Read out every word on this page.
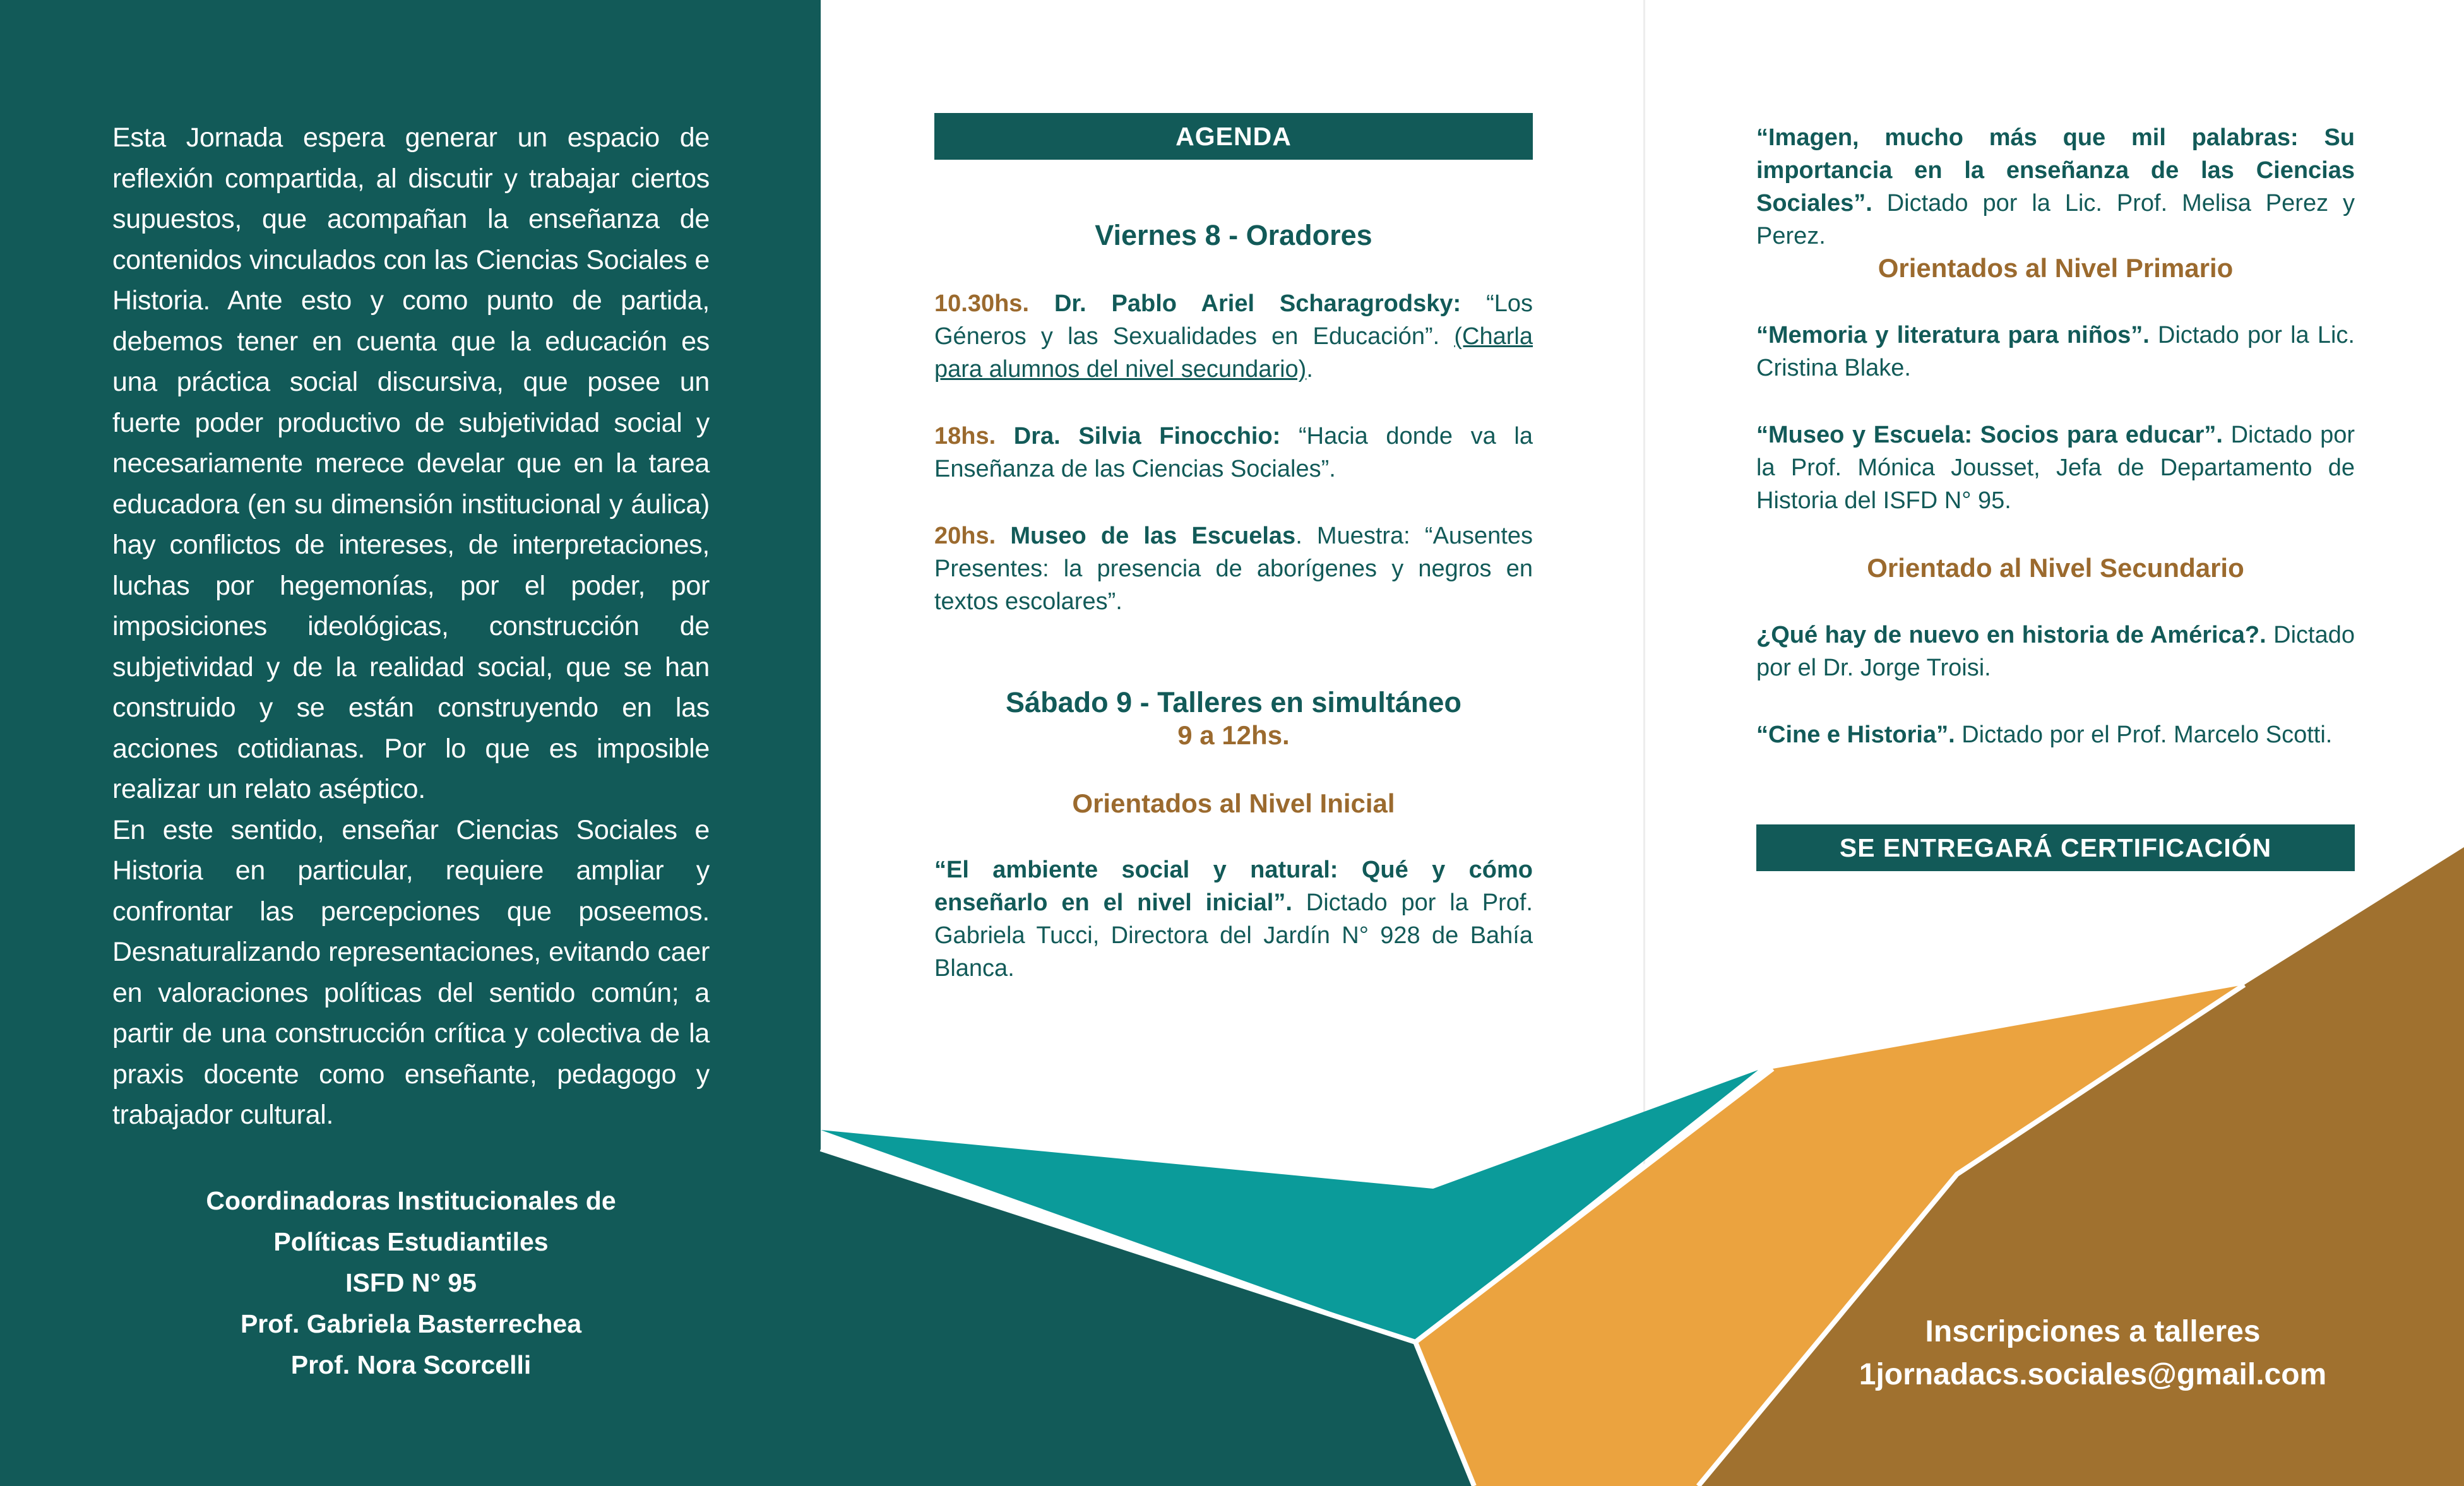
Esta Jornada espera generar un espacio de reflexión compartida, al discutir y trabajar ciertos supuestos, que acompañan la enseñanza de contenidos vinculados con las Ciencias Sociales e Historia. Ante esto y como punto de partida, debemos tener en cuenta que la educación es una práctica social discursiva, que posee un fuerte poder productivo de subjetividad social y necesariamente merece develar que en la tarea educadora (en su dimensión institucional y áulica) hay conflictos de intereses, de interpretaciones, luchas por hegemonías, por el poder, por imposiciones ideológicas, construcción de subjetividad y de la realidad social, que se han construido y se están construyendo en las acciones cotidianas. Por lo que es imposible realizar un relato aséptico.

En este sentido, enseñar Ciencias Sociales e Historia en particular, requiere ampliar y confrontar las percepciones que poseemos. Desnaturalizando representaciones, evitando caer en valoraciones políticas del sentido común; a partir de una construcción crítica y colectiva de la praxis docente como enseñante, pedagogo y trabajador cultural.

Coordinadoras Institucionales de
Políticas Estudiantiles
ISFD N° 95
Prof. Gabriela Basterrechea
Prof. Nora Scorcelli
AGENDA
Viernes 8 - Oradores
10.30hs. Dr. Pablo Ariel Scharagrodsky: “Los Géneros y las Sexualidades en Educación”. (Charla para alumnos del nivel secundario).
18hs. Dra. Silvia Finocchio: “Hacia donde va la Enseñanza de las Ciencias Sociales”.
20hs. Museo de las Escuelas. Muestra: “Ausentes Presentes: la presencia de aborígenes y negros en textos escolares”.
Sábado 9 - Talleres en simultáneo
9 a 12hs.
Orientados al Nivel Inicial
“El ambiente social y natural: Qué y cómo enseñarlo en el nivel inicial”. Dictado por la Prof. Gabriela Tucci, Directora del Jardín N° 928 de Bahía Blanca.
“Imagen, mucho más que mil palabras: Su importancia en la enseñanza de las Ciencias Sociales”. Dictado por la Lic. Prof. Melisa Perez y Perez.
Orientados al Nivel Primario
“Memoria y literatura para niños”. Dictado por la Lic. Cristina Blake.
“Museo y Escuela: Socios para educar”. Dictado por la Prof. Mónica Jousset, Jefa de Departamento de Historia del ISFD N° 95.
Orientado al Nivel Secundario
¿Qué hay de nuevo en historia de América?. Dictado por el Dr. Jorge Troisi.
“Cine e Historia”. Dictado por el Prof. Marcelo Scotti.
SE ENTREGARÁ CERTIFICACIÓN
Inscripciones a talleres
1jornadacs.sociales@gmail.com
